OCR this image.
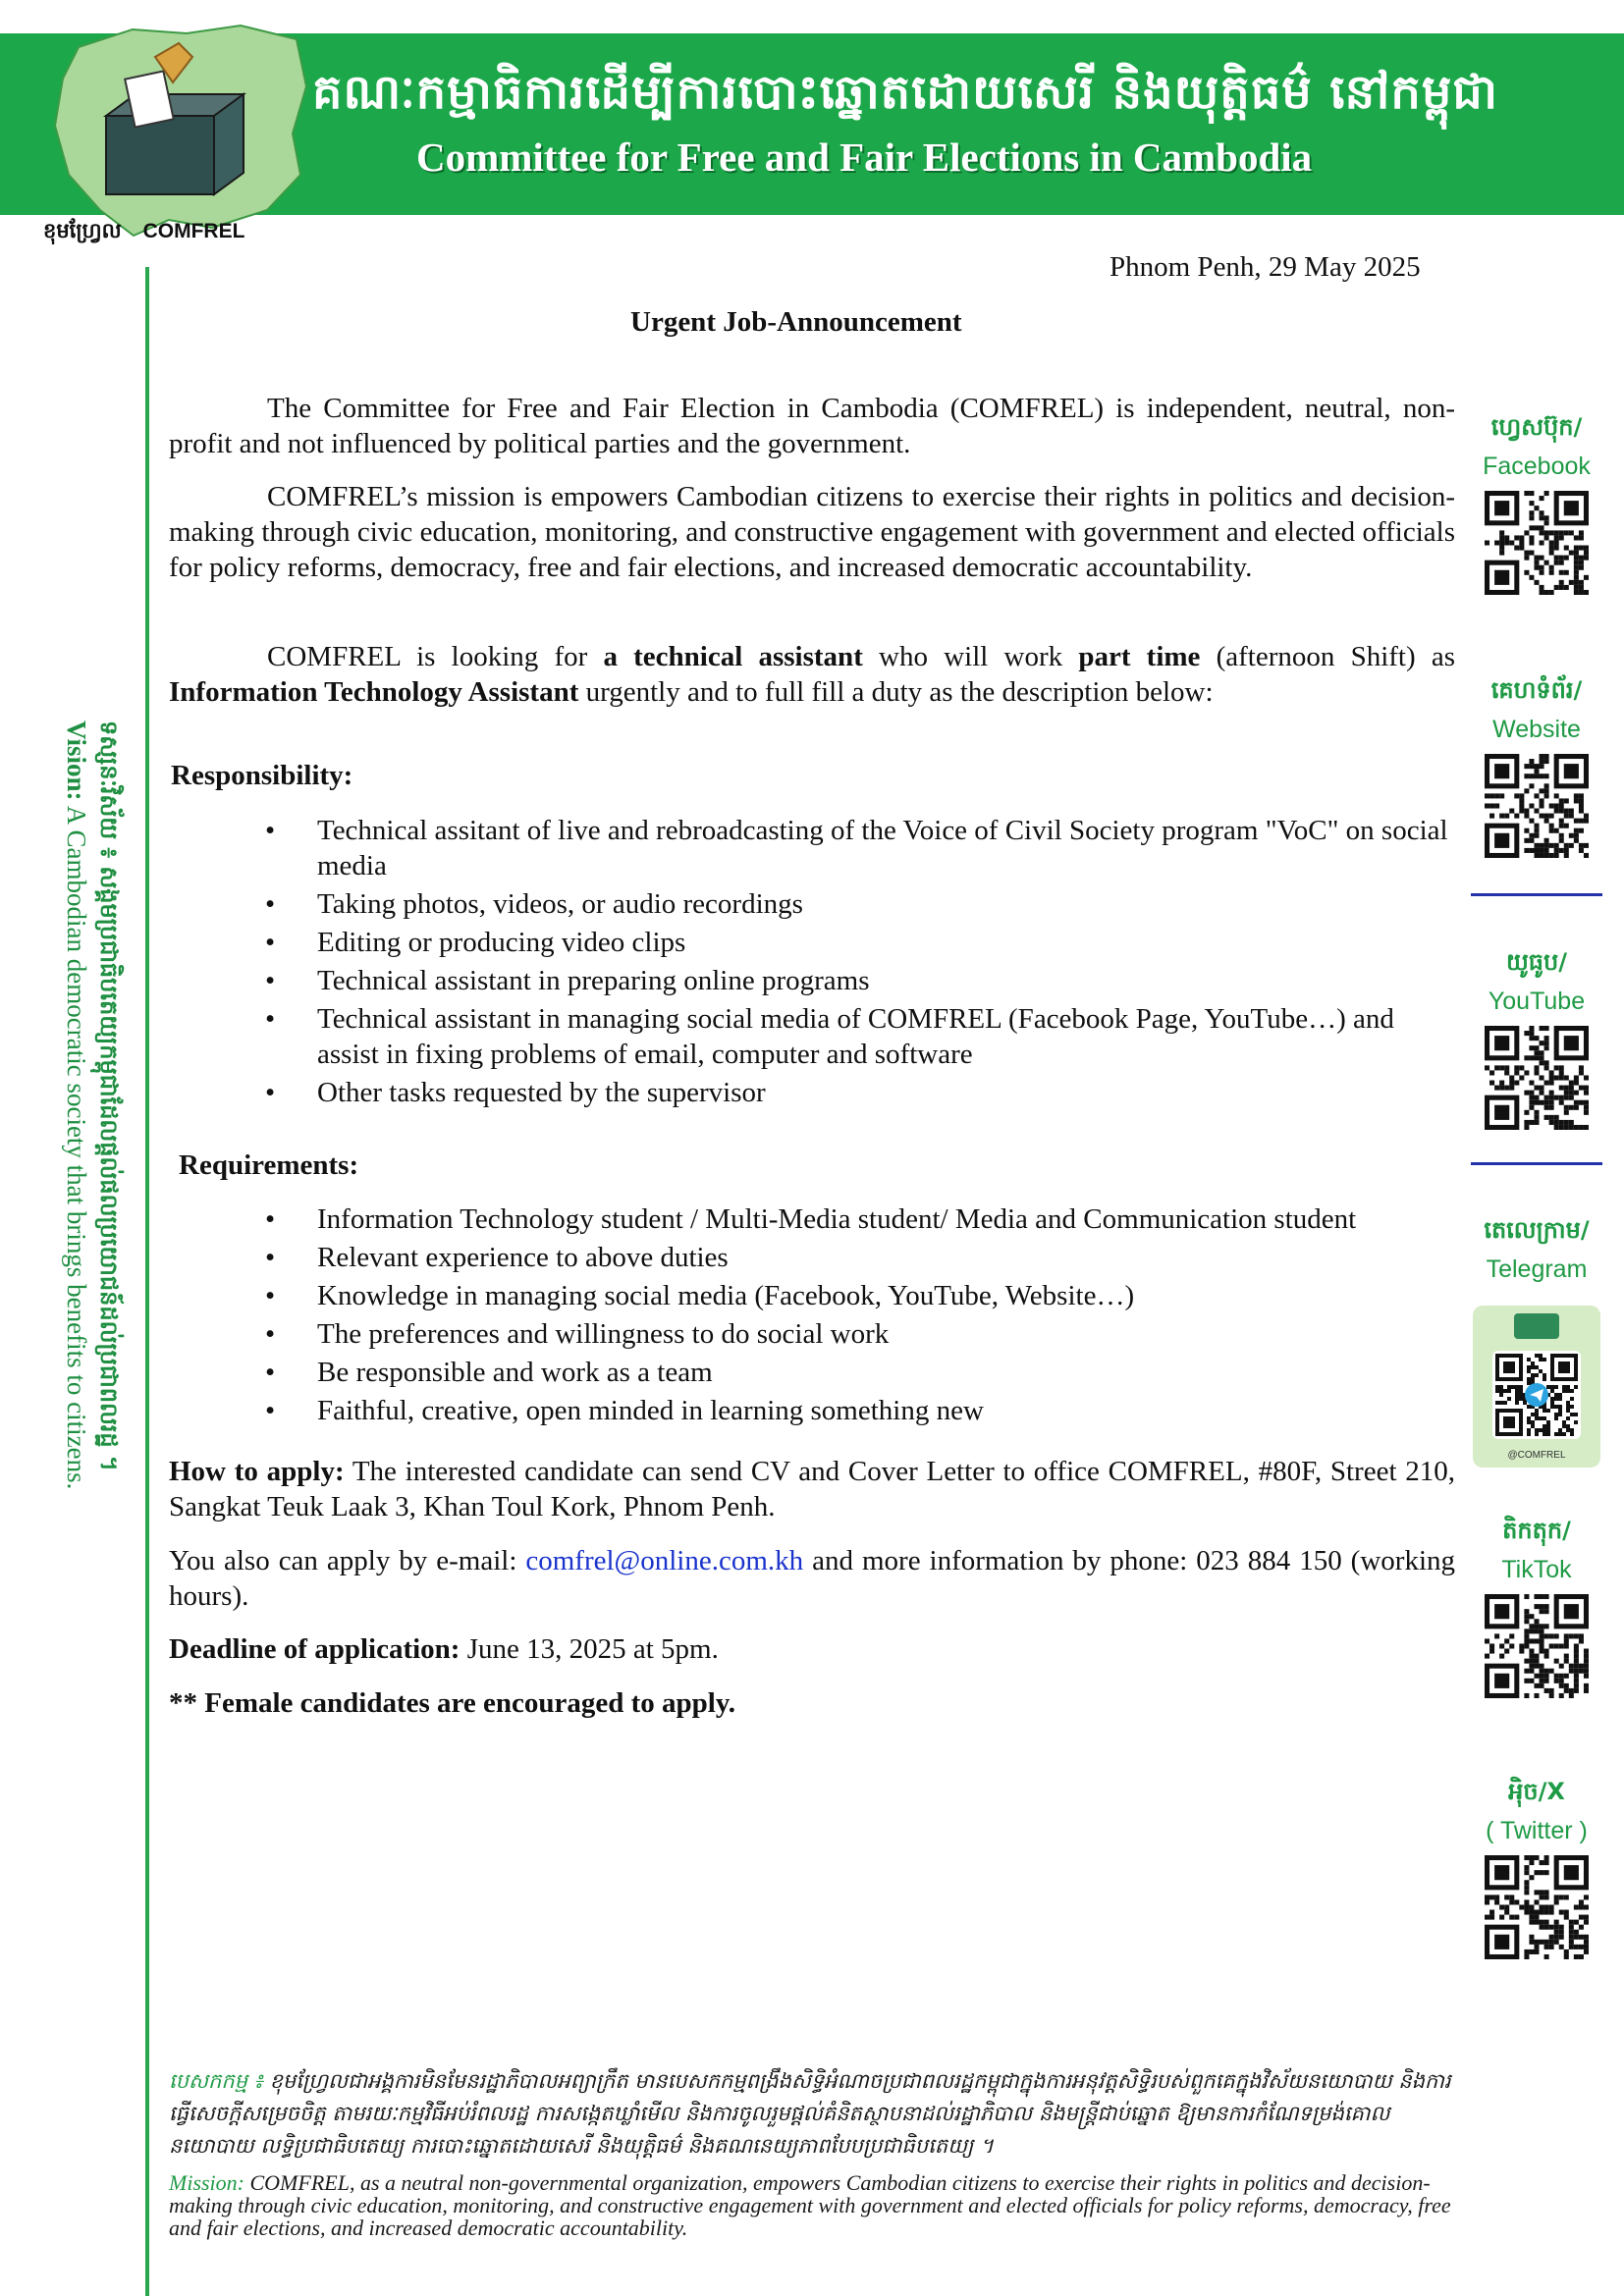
គណៈកម្មាធិការដើម្បីការបោះឆ្នោតដោយសេរី និងយុត្តិធម៌ នៅកម្ពុជា
Committee for Free and Fair Elections in Cambodia
ខុមហ្វ្រែល COMFREL
ទស្សនៈវិស័យ ៖ សង្គមប្រជាធិបតេយ្យកម្ពុជាដែលផ្ដល់ផលប្រយោជន៍ដល់ប្រជាពលរដ្ឋ ។
Vision: A Cambodian democratic society that brings benefits to citizens.
Phnom Penh, 29 May 2025
Urgent Job-Announcement
The Committee for Free and Fair Election in Cambodia (COMFREL) is independent, neutral, non-profit and not influenced by political parties and the government.
COMFREL’s mission is empowers Cambodian citizens to exercise their rights in politics and decision-making through civic education, monitoring, and constructive engagement with government and elected officials for policy reforms, democracy, free and fair elections, and increased democratic accountability.
COMFREL is looking for a technical assistant who will work part time (afternoon Shift) as Information Technology Assistant urgently and to full fill a duty as the description below:
Responsibility:
• Technical assitant of live and rebroadcasting of the Voice of Civil Society program "VoC" on social media
• Taking photos, videos, or audio recordings
• Editing or producing video clips
• Technical assistant in preparing online programs
• Technical assistant in managing social media of COMFREL (Facebook Page, YouTube…) and assist in fixing problems of email, computer and software
• Other tasks requested by the supervisor
Requirements:
• Information Technology student / Multi-Media student/ Media and Communication student
• Relevant experience to above duties
• Knowledge in managing social media (Facebook, YouTube, Website…)
• The preferences and willingness to do social work
• Be responsible and work as a team
• Faithful, creative, open minded in learning something new
How to apply: The interested candidate can send CV and Cover Letter to office COMFREL, #80F, Street 210, Sangkat Teuk Laak 3, Khan Toul Kork, Phnom Penh.
You also can apply by e-mail: comfrel@online.com.kh and more information by phone: 023 884 150 (working hours).
Deadline of application: June 13, 2025 at 5pm.
** Female candidates are encouraged to apply.
ហ្វេសប៊ុក/
Facebook
គេហទំព័រ/
Website
យូធូប/
YouTube
តេលេក្រាម/
Telegram
@COMFREL
តិកតុក/
TikTok
អុិច/X
( Twitter )
បេសកកម្ម ៖ ខុមហ្វ្រែលជាអង្គការមិនមែនរដ្ឋាភិបាលអព្យាក្រឹត មានបេសកកម្មពង្រឹងសិទ្ធិអំណាចប្រជាពលរដ្ឋកម្ពុជាក្នុងការអនុវត្តសិទ្ធិរបស់ពួកគេក្នុងវិស័យនយោបាយ និងការធ្វើសេចក្តីសម្រេចចិត្ត តាមរយៈកម្មវិធីអប់រំពលរដ្ឋ ការសង្កេតឃ្លាំមើល និងការចូលរួមផ្ដល់គំនិតស្ថាបនាដល់រដ្ឋាភិបាល និងមន្ត្រីជាប់ឆ្នោត ឱ្យមានការកំណែទម្រង់គោលនយោបាយ លទ្ធិប្រជាធិបតេយ្យ ការបោះឆ្នោតដោយសេរី និងយុត្តិធម៌ និងគណនេយ្យភាពបែបប្រជាធិបតេយ្យ ។
Mission: COMFREL, as a neutral non-governmental organization, empowers Cambodian citizens to exercise their rights in politics and decision-making through civic education, monitoring, and constructive engagement with government and elected officials for policy reforms, democracy, free and fair elections, and increased democratic accountability.
